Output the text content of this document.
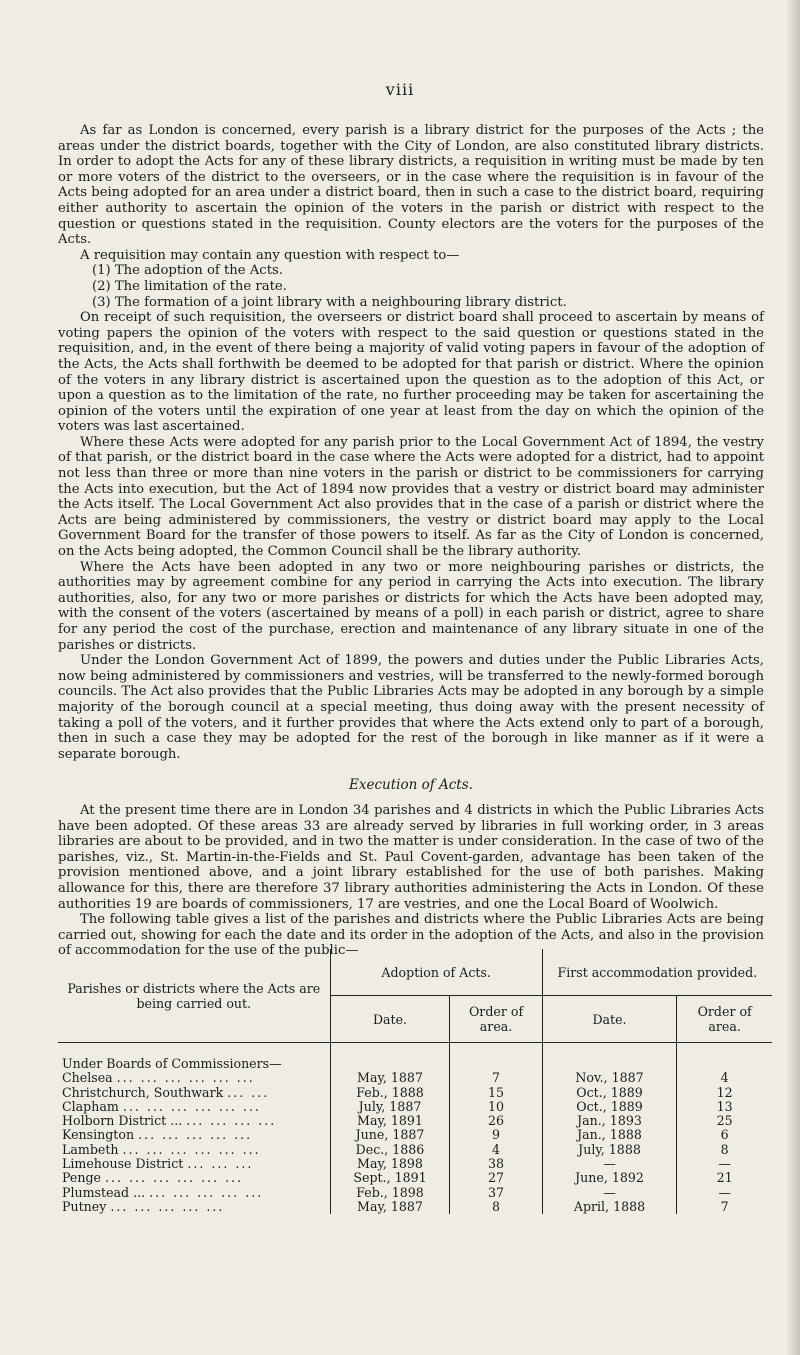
viii

As far as London is concerned, every parish is a library district for the purposes of the Acts ; the areas under the district boards, together with the City of London, are also constituted library districts. In order to adopt the Acts for any of these library districts, a requisition in writing must be made by ten or more voters of the district to the overseers, or in the case where the requisition is in favour of the Acts being adopted for an area under a district board, then in such a case to the district board, requiring either authority to ascertain the opinion of the voters in the parish or district with respect to the question or questions stated in the requisition. County electors are the voters for the purposes of the Acts.

A requisition may contain any question with respect to—

(1) The adoption of the Acts.
(2) The limitation of the rate.
(3) The formation of a joint library with a neighbouring library district.

On receipt of such requisition, the overseers or district board shall proceed to ascertain by means of voting papers the opinion of the voters with respect to the said question or questions stated in the requisition, and, in the event of there being a majority of valid voting papers in favour of the adoption of the Acts, the Acts shall forthwith be deemed to be adopted for that parish or district. Where the opinion of the voters in any library district is ascertained upon the question as to the adoption of this Act, or upon a question as to the limitation of the rate, no further proceeding may be taken for ascertaining the opinion of the voters until the expiration of one year at least from the day on which the opinion of the voters was last ascertained.

Where these Acts were adopted for any parish prior to the Local Government Act of 1894, the vestry of that parish, or the district board in the case where the Acts were adopted for a district, had to appoint not less than three or more than nine voters in the parish or district to be commissioners for carrying the Acts into execution, but the Act of 1894 now provides that a vestry or district board may administer the Acts itself. The Local Government Act also provides that in the case of a parish or district where the Acts are being administered by commissioners, the vestry or district board may apply to the Local Government Board for the transfer of those powers to itself. As far as the City of London is concerned, on the Acts being adopted, the Common Council shall be the library authority.

Where the Acts have been adopted in any two or more neighbouring parishes or districts, the authorities may by agreement combine for any period in carrying the Acts into execution. The library authorities, also, for any two or more parishes or districts for which the Acts have been adopted may, with the consent of the voters (ascertained by means of a poll) in each parish or district, agree to share for any period the cost of the purchase, erection and maintenance of any library situate in one of the parishes or districts.

Under the London Government Act of 1899, the powers and duties under the Public Libraries Acts, now being administered by commissioners and vestries, will be transferred to the newly-formed borough councils. The Act also provides that the Public Libraries Acts may be adopted in any borough by a simple majority of the borough council at a special meeting, thus doing away with the present necessity of taking a poll of the voters, and it further provides that where the Acts extend only to part of a borough, then in such a case they may be adopted for the rest of the borough in like manner as if it were a separate borough.

Execution of Acts.

At the present time there are in London 34 parishes and 4 districts in which the Public Libraries Acts have been adopted. Of these areas 33 are already served by libraries in full working order, in 3 areas libraries are about to be provided, and in two the matter is under consideration. In the case of two of the parishes, viz., St. Martin-in-the-Fields and St. Paul Covent-garden, advantage has been taken of the provision mentioned above, and a joint library established for the use of both parishes. Making allowance for this, there are therefore 37 library authorities administering the Acts in London. Of these authorities 19 are boards of commissioners, 17 are vestries, and one the Local Board of Woolwich.

The following table gives a list of the parishes and districts where the Public Libraries Acts are being carried out, showing for each the date and its order in the adoption of the Acts, and also in the provision of accommodation for the use of the public—

Parishes or districts where the Acts are being carried out.	Adoption of Acts.		First accommodation provided.	
	Date.	Order of area.	Date.	Order of area.

Under Boards of Commissioners—				
Chelsea ... ... ... ... ... ...	May, 1887	7	Nov., 1887	4
Christchurch, Southwark ... ...	Feb., 1888	15	Oct., 1889	12
Clapham ... ... ... ... ... ...	July, 1887	10	Oct., 1889	13
Holborn District ... ... ... ... ...	May, 1891	26	Jan., 1893	25
Kensington ... ... ... ... ...	June, 1887	9	Jan., 1888	6
Lambeth ... ... ... ... ... ...	Dec., 1886	4	July, 1888	8
Limehouse District ... ... ...	May, 1898	38	—	—
Penge ... ... ... ... ... ...	Sept., 1891	27	June, 1892	21
Plumstead ... ... ... ... ... ...	Feb., 1898	37	—	—
Putney ... ... ... ... ...	May, 1887	8	April, 1888	7
